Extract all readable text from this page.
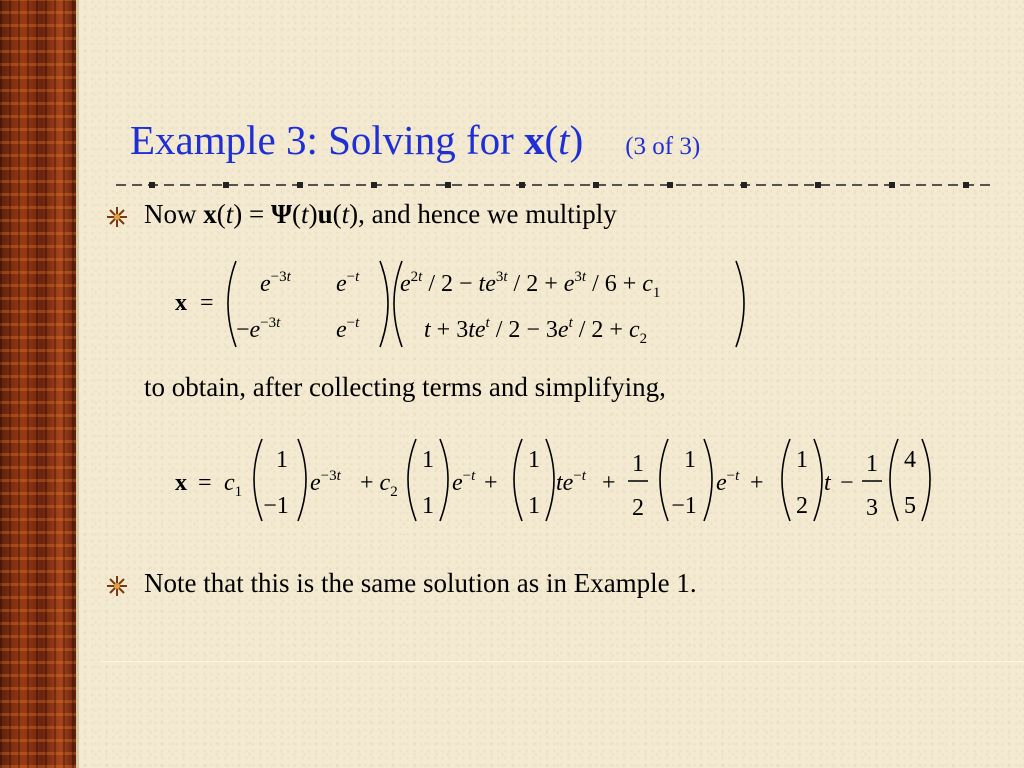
Example 3: Solving for x(t) (3 of 3)
Now x(t) = Ψ(t)u(t), and hence we multiply
x =
$e^{-3t}$ $e^{-t}$
$-e^{-3t}$ $e^{-t}$
$e^{2t} / 2 - te^{3t} / 2 + e^{3t} / 6 + c_1$
$t + 3te^t / 2 - 3e^t / 2 + c_2$
to obtain, after collecting terms and simplifying,
$x = c_1$
1
−1
$e^{-3t} + c_2$
1
1
$e^{-t}$ +
1
1
$te^{-t}$ +
1
2
1
−1
$e^{-t}$ +
1
2
t −
1
3
4
5
Note that this is the same solution as in Example 1.
